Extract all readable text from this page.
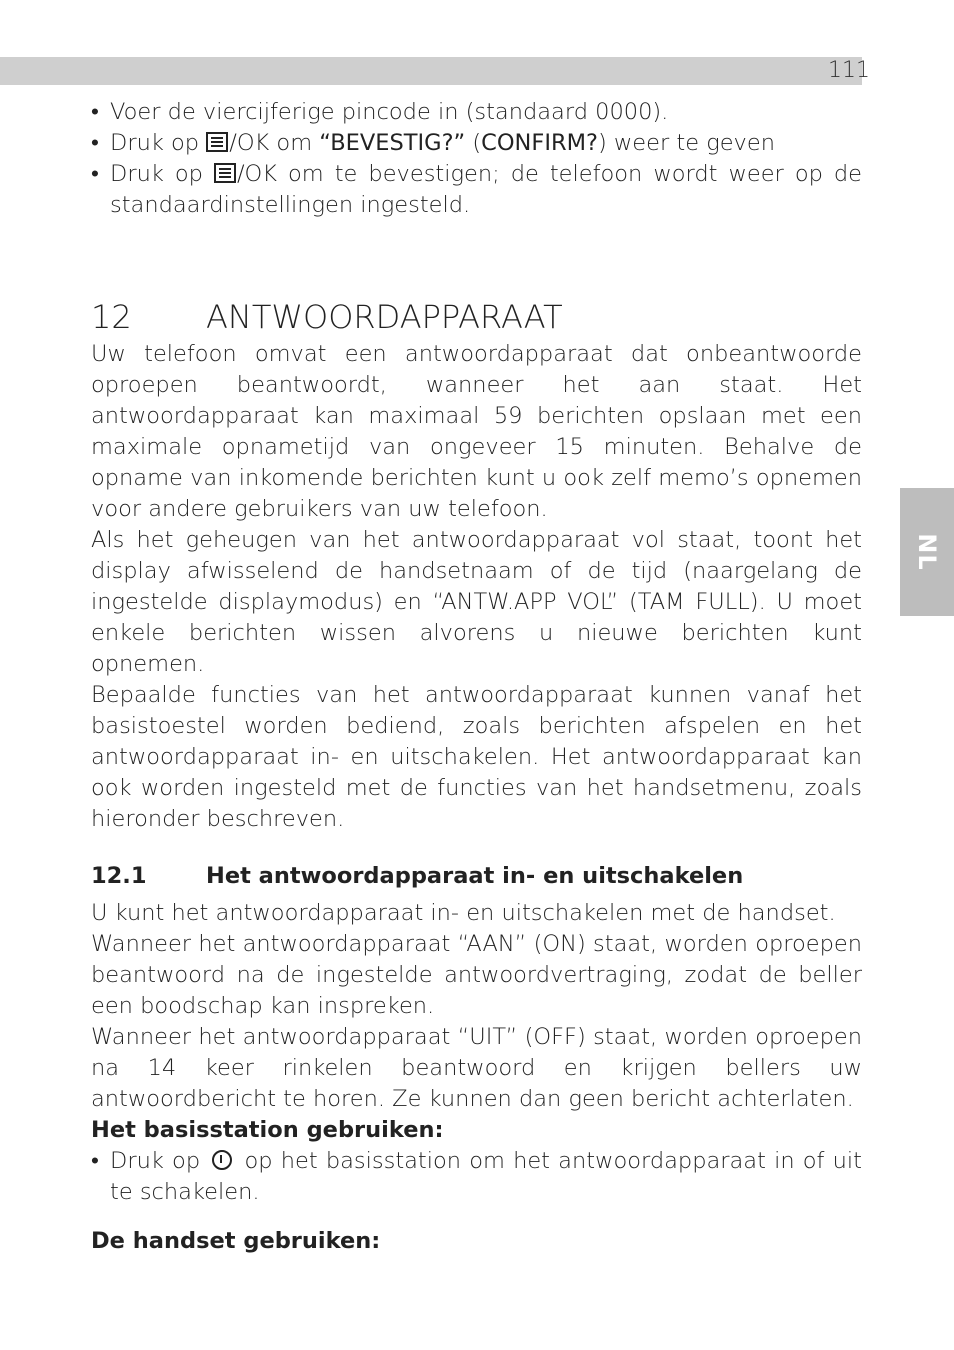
111
NL
• Voer de viercijferige pincode in (standaard 0000).
• Druk op /OK om “BEVESTIG?” (CONFIRM?) weer te geven
• Druk op /OK om te bevestigen; de telefoon wordt weer op de standaardinstellingen ingesteld.
12 ANTWOORDAPPARAAT

Uw telefoon omvat een antwoordapparaat dat onbeantwoorde oproepen beantwoordt, wanneer het aan staat. Het antwoordapparaat kan maximaal 59 berichten opslaan met een maximale opnametijd van ongeveer 15 minuten. Behalve de opname van inkomende berichten kunt u ook zelf memo’s opnemen voor andere gebruikers van uw telefoon.

Als het geheugen van het antwoordapparaat vol staat, toont het display afwisselend de handsetnaam of de tijd (naargelang de ingestelde displaymodus) en “ANTW.APP VOL” (TAM FULL). U moet enkele berichten wissen alvorens u nieuwe berichten kunt opnemen.

Bepaalde functies van het antwoordapparaat kunnen vanaf het basistoestel worden bediend, zoals berichten afspelen en het antwoordapparaat in- en uitschakelen. Het antwoordapparaat kan ook worden ingesteld met de functies van het handsetmenu, zoals hieronder beschreven.

12.1	Het antwoordapparaat in- en uitschakelen

U kunt het antwoordapparaat in- en uitschakelen met de handset.

Wanneer het antwoordapparaat “AAN” (ON) staat, worden oproepen beantwoord na de ingestelde antwoordvertraging, zodat de beller een boodschap kan inspreken.

Wanneer het antwoordapparaat “UIT” (OFF) staat, worden oproepen na 14 keer rinkelen beantwoord en krijgen bellers uw antwoordbericht te horen. Ze kunnen dan geen bericht achterlaten.

Het basisstation gebruiken:
• Druk op  op het basisstation om het antwoordapparaat in of uit te schakelen.
De handset gebruiken:
